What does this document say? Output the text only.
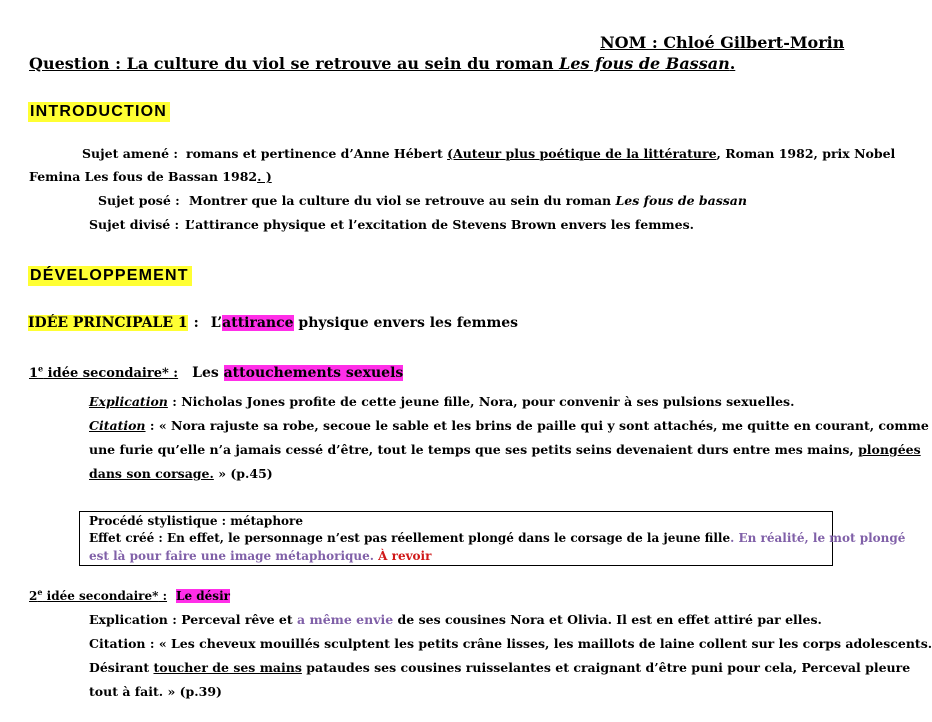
NOM : Chloé Gilbert-Morin
Question : La culture du viol se retrouve au sein du roman Les fous de Bassan.
INTRODUCTION
Sujet amené : romans et pertinence d’Anne Hébert (Auteur plus poétique de la littérature, Roman 1982, prix Nobel
Femina Les fous de Bassan 1982. )
Sujet posé : Montrer que la culture du viol se retrouve au sein du roman Les fous de bassan
Sujet divisé : L’attirance physique et l’excitation de Stevens Brown envers les femmes.
DÉVELOPPEMENT
IDÉE PRINCIPALE 1 : L’attirance physique envers les femmes
1e idée secondaire* : Les attouchements sexuels
Explication : Nicholas Jones profite de cette jeune fille, Nora, pour convenir à ses pulsions sexuelles.
Citation : « Nora rajuste sa robe, secoue le sable et les brins de paille qui y sont attachés, me quitte en courant, comme
une furie qu’elle n’a jamais cessé d’être, tout le temps que ses petits seins devenaient durs entre mes mains, plongées
dans son corsage. » (p.45)
Procédé stylistique : métaphore
Effet créé : En effet, le personnage n’est pas réellement plongé dans le corsage de la jeune fille. En réalité, le mot plongé
est là pour faire une image métaphorique. À revoir
2e idée secondaire* : Le désir
Explication : Perceval rêve et a même envie de ses cousines Nora et Olivia. Il est en effet attiré par elles.
Citation : « Les cheveux mouillés sculptent les petits crâne lisses, les maillots de laine collent sur les corps adolescents.
Désirant toucher de ses mains pataudes ses cousines ruisselantes et craignant d’être puni pour cela, Perceval pleure
tout à fait. » (p.39)
